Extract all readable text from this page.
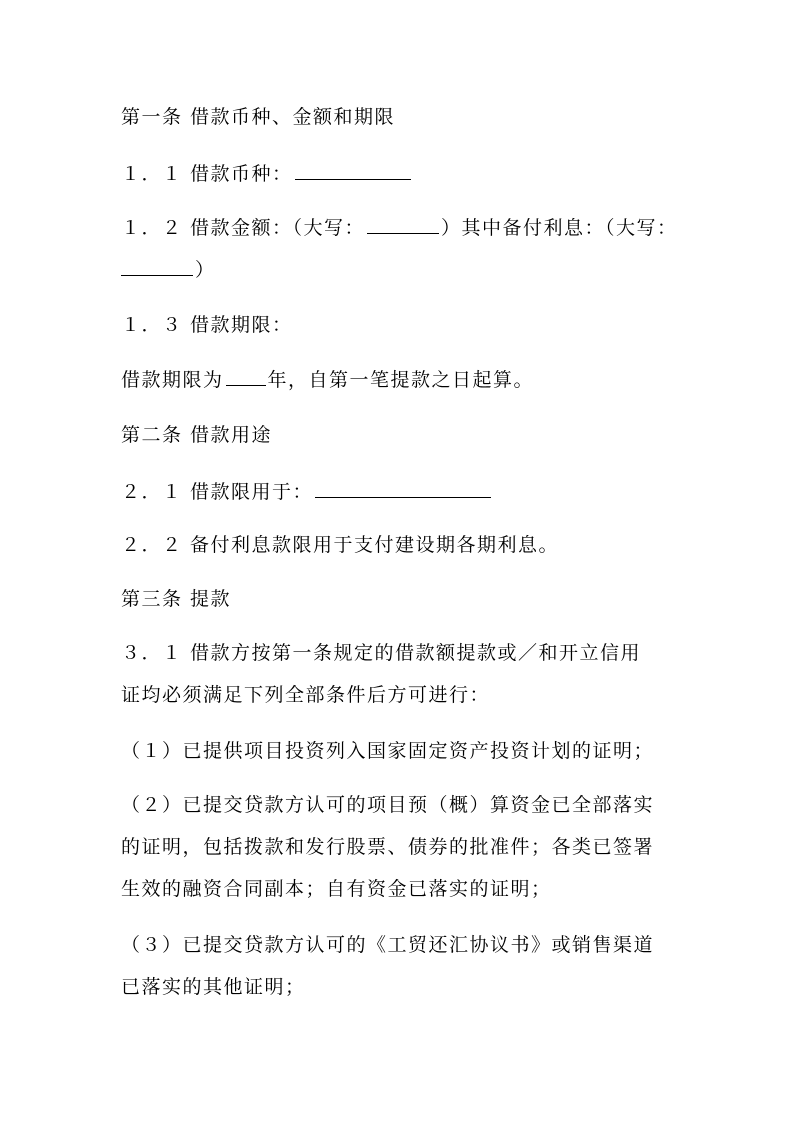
第一条 借款币种、金额和期限
１．１ 借款币种：
１．２ 借款金额：（大写：	）其中备付利息：（大写：
）
１．３ 借款期限：
借款期限为 年，自第一笔提款之日起算。
第二条 借款用途
２．１ 借款限用于：
２．２ 备付利息款限用于支付建设期各期利息。
第三条 提款
３．１ 借款方按第一条规定的借款额提款或／和开立信用
证均必须满足下列全部条件后方可进行：
（１）已提供项目投资列入国家固定资产投资计划的证明；
（２）已提交贷款方认可的项目预（概）算资金已全部落实
的证明，包括拨款和发行股票、债券的批准件；各类已签署
生效的融资合同副本；自有资金已落实的证明；
（３）已提交贷款方认可的《工贸还汇协议书》或销售渠道
已落实的其他证明；
